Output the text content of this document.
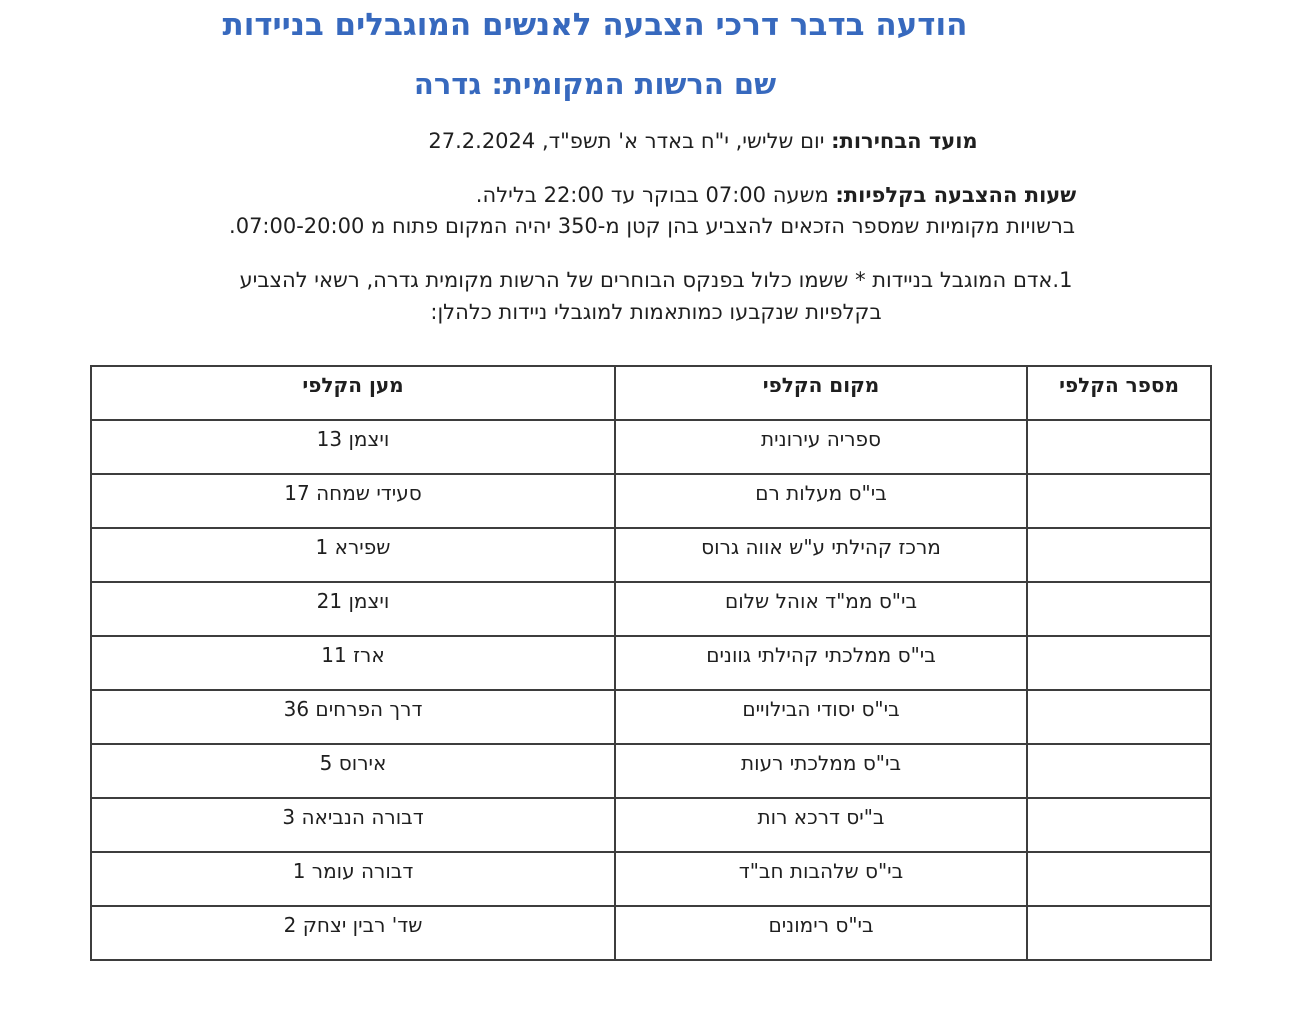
הודעה בדבר דרכי הצבעה לאנשים המוגבלים בניידות
שם הרשות המקומית: גדרה
מועד הבחירות: יום שלישי, י"ח באדר א' תשפ"ד, 27.2.2024
שעות ההצבעה בקלפיות: משעה 07:00 בבוקר עד 22:00 בלילה.
ברשויות מקומיות שמספר הזכאים להצביע בהן קטן מ-350 יהיה המקום פתוח מ 07:00-20:00.
1.אדם המוגבל בניידות * ששמו כלול בפנקס הבוחרים של הרשות מקומית גדרה, רשאי להצביע
בקלפיות שנקבעו כמותאמות למוגבלי ניידות כלהלן:
מספר הקלפי	מקום הקלפי	מען הקלפי
	ספריה עירונית	ויצמן 13
	בי"ס מעלות רם	סעידי שמחה 17
	מרכז קהילתי ע"ש אווה גרוס	שפירא 1
	בי"ס ממ"ד אוהל שלום	ויצמן 21
	בי"ס ממלכתי קהילתי גוונים	ארז 11
	בי"ס יסודי הבילויים	דרך הפרחים 36
	בי"ס ממלכתי רעות	אירוס 5
	ב"יס דרכא רות	דבורה הנביאה 3
	בי"ס שלהבות חב"ד	דבורה עומר 1
	בי"ס רימונים	שד' רבין יצחק 2
